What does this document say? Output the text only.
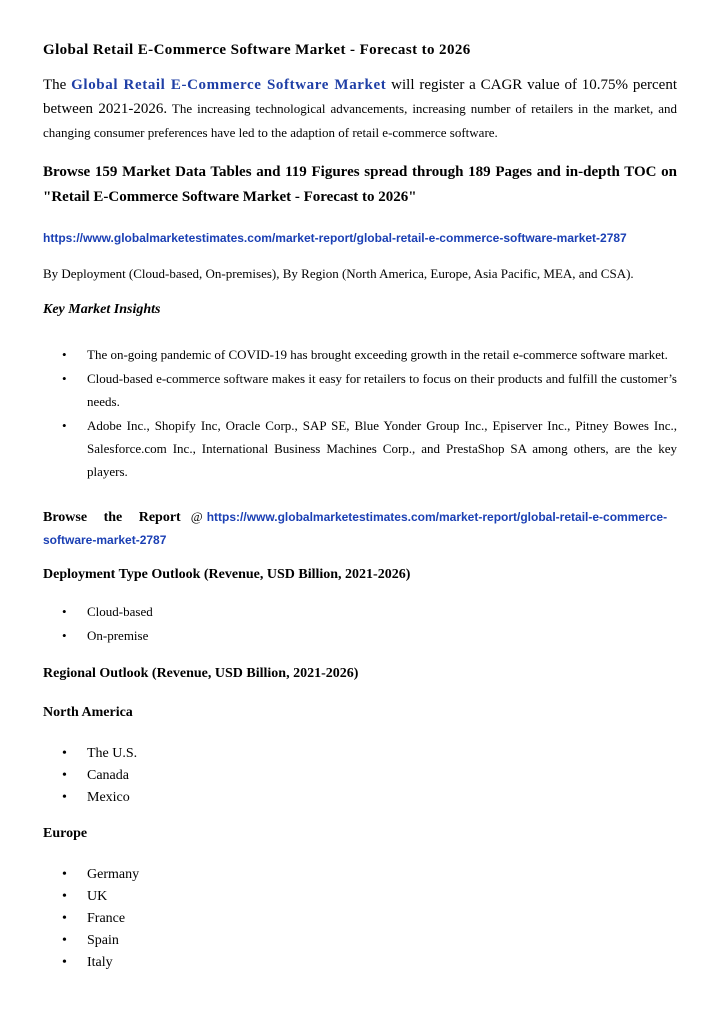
Global Retail E-Commerce Software Market - Forecast to 2026

The Global Retail E-Commerce Software Market will register a CAGR value of 10.75% percent between 2021-2026. The increasing technological advancements, increasing number of retailers in the market, and changing consumer preferences have led to the adaption of retail e-commerce software.

Browse 159 Market Data Tables and 119 Figures spread through 189 Pages and in-depth TOC on "Retail E-Commerce Software Market - Forecast to 2026"

https://www.globalmarketestimates.com/market-report/global-retail-e-commerce-software-market-2787

By Deployment (Cloud-based, On-premises), By Region (North America, Europe, Asia Pacific, MEA, and CSA).

Key Market Insights

• The on-going pandemic of COVID-19 has brought exceeding growth in the retail e-commerce software market.
• Cloud-based e-commerce software makes it easy for retailers to focus on their products and fulfill the customer’s needs.
• Adobe Inc., Shopify Inc, Oracle Corp., SAP SE, Blue Yonder Group Inc., Episerver Inc., Pitney Bowes Inc., Salesforce.com Inc., International Business Machines Corp., and PrestaShop SA among others, are the key players.

Browse the Report @ https://www.globalmarketestimates.com/market-report/global-retail-e-commerce-software-market-2787

Deployment Type Outlook (Revenue, USD Billion, 2021-2026)

• Cloud-based
• On-premise

Regional Outlook (Revenue, USD Billion, 2021-2026)

North America

• The U.S.
• Canada
• Mexico

Europe

• Germany
• UK
• France
• Spain
• Italy
